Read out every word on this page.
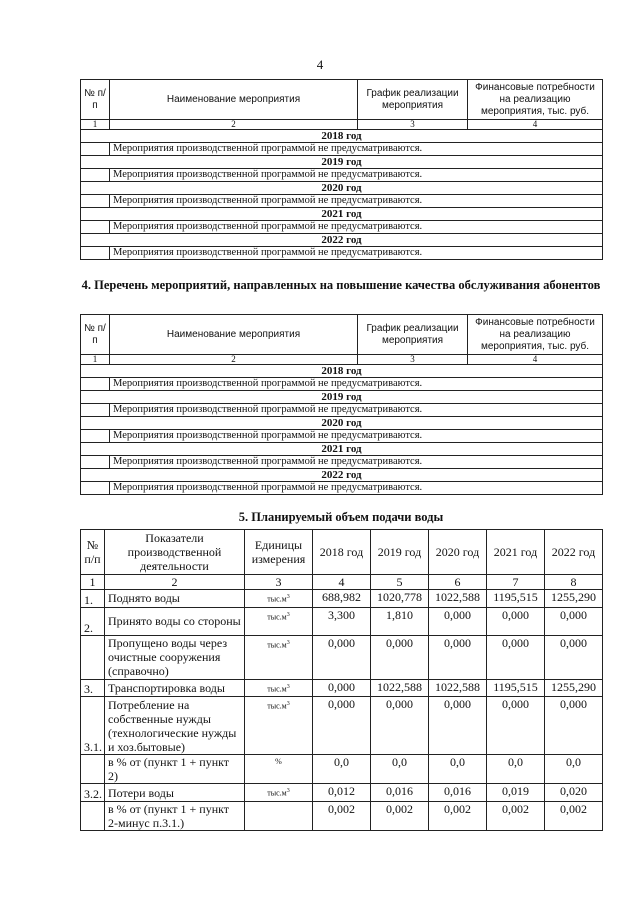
4
№ п/п	Наименование мероприятия	График реализации мероприятия	Финансовые потребности на реализацию мероприятия, тыс. руб.
1	2	3	4
2018 год			
	Мероприятия производственной программой не предусматриваются.		
2019 год			
	Мероприятия производственной программой не предусматриваются.		
2020 год			
	Мероприятия производственной программой не предусматриваются.		
2021 год			
	Мероприятия производственной программой не предусматриваются.		
2022 год			
	Мероприятия производственной программой не предусматриваются.		
4. Перечень мероприятий, направленных на повышение качества обслуживания абонентов
№ п/п	Наименование мероприятия	График реализации мероприятия	Финансовые потребности на реализацию мероприятия, тыс. руб.
1	2	3	4
2018 год			
	Мероприятия производственной программой не предусматриваются.		
2019 год			
	Мероприятия производственной программой не предусматриваются.		
2020 год			
	Мероприятия производственной программой не предусматриваются.		
2021 год			
	Мероприятия производственной программой не предусматриваются.		
2022 год			
	Мероприятия производственной программой не предусматриваются.		
5. Планируемый объем подачи воды
№ п/п	Показатели производственной деятельности	Единицы измерения	2018 год	2019 год	2020 год	2021 год	2022 год
1	2	3	4	5	6	7	8
1.	Поднято воды	$тыс.м^3$	688,982	1020,778	1022,588	1195,515	1255,290
2.	Принято воды со стороны	$тыс.м^3$	3,300	1,810	0,000	0,000	0,000
	Пропущено воды через очистные сооружения (справочно)	$тыс.м^3$	0,000	0,000	0,000	0,000	0,000
3.	Транспортировка воды	$тыс.м^3$	0,000	1022,588	1022,588	1195,515	1255,290
3.1.	Потребление на собственные нужды (технологические нужды и хоз.бытовые)	$тыс.м^3$	0,000	0,000	0,000	0,000	0,000
	в % от (пункт 1 + пункт 2)	%	0,0	0,0	0,0	0,0	0,0
3.2.	Потери воды	$тыс.м^3$	0,012	0,016	0,016	0,019	0,020
	в % от (пункт 1 + пункт 2-минус п.3.1.)		0,002	0,002	0,002	0,002	0,002
